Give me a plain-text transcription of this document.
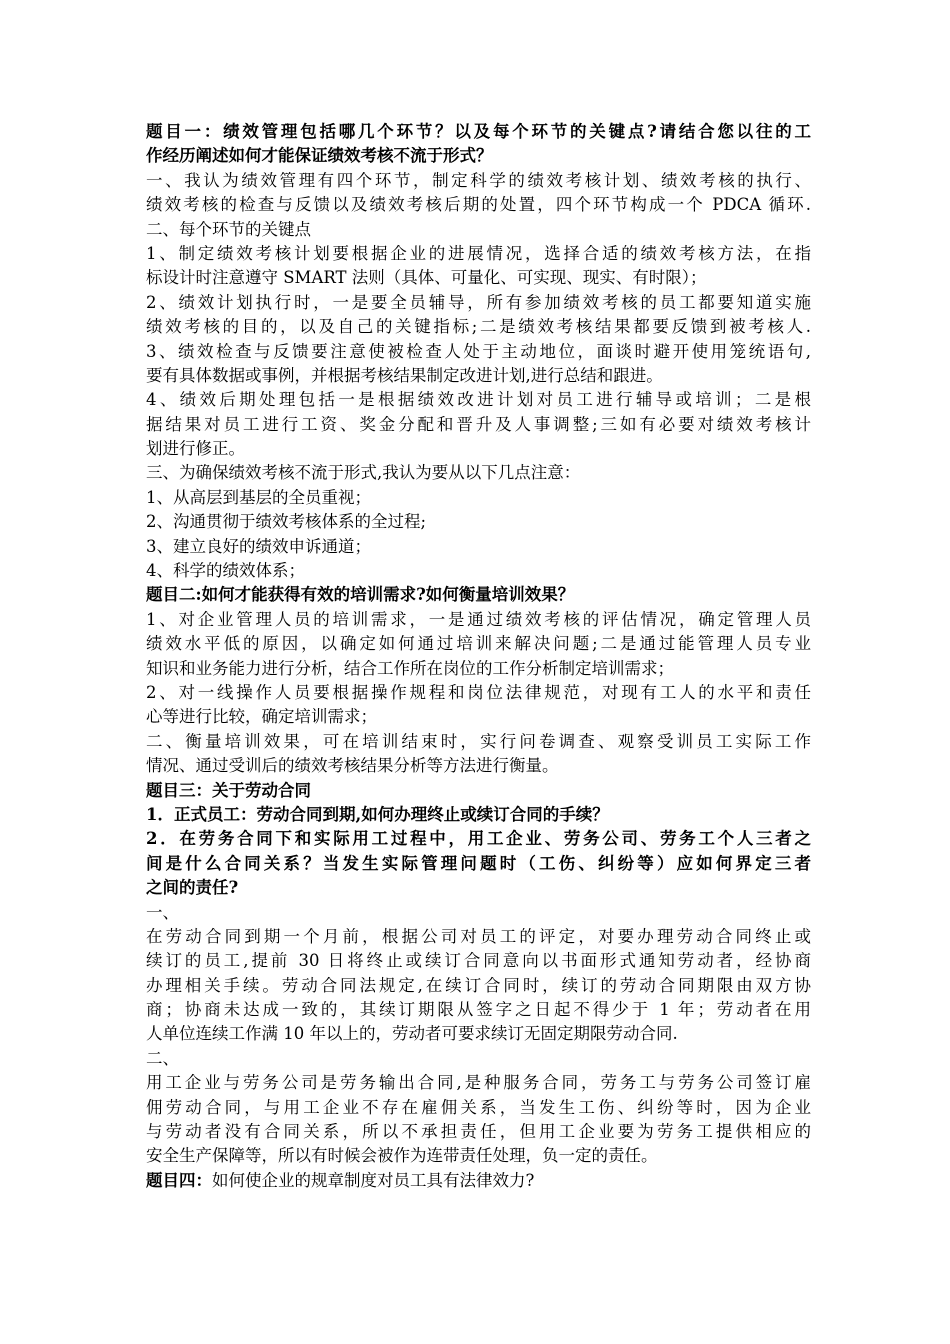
题目一：绩效管理包括哪几个环节？以及每个环节的关键点?请结合您以往的工
作经历阐述如何才能保证绩效考核不流于形式？
一、我认为绩效管理有四个环节，制定科学的绩效考核计划、绩效考核的执行、
绩效考核的检查与反馈以及绩效考核后期的处置，四个环节构成一个 PDCA 循环.
二、每个环节的关键点
1、制定绩效考核计划要根据企业的进展情况，选择合适的绩效考核方法，在指
标设计时注意遵守 SMART 法则（具体、可量化、可实现、现实、有时限）；
2、绩效计划执行时，一是要全员辅导，所有参加绩效考核的员工都要知道实施
绩效考核的目的，以及自己的关键指标;二是绩效考核结果都要反馈到被考核人.
3、绩效检查与反馈要注意使被检查人处于主动地位，面谈时避开使用笼统语句,
要有具体数据或事例，并根据考核结果制定改进计划,进行总结和跟进。
4、绩效后期处理包括一是根据绩效改进计划对员工进行辅导或培训；二是根
据结果对员工进行工资、奖金分配和晋升及人事调整;三如有必要对绩效考核计
划进行修正。
三、为确保绩效考核不流于形式,我认为要从以下几点注意：
1、从高层到基层的全员重视；
2、沟通贯彻于绩效考核体系的全过程;
3、建立良好的绩效申诉通道；
4、科学的绩效体系；
题目二:如何才能获得有效的培训需求?如何衡量培训效果？
1、对企业管理人员的培训需求，一是通过绩效考核的评估情况，确定管理人员
绩效水平低的原因，以确定如何通过培训来解决问题;二是通过能管理人员专业
知识和业务能力进行分析，结合工作所在岗位的工作分析制定培训需求；
2、对一线操作人员要根据操作规程和岗位法律规范，对现有工人的水平和责任
心等进行比较，确定培训需求；
二、衡量培训效果，可在培训结束时，实行问卷调查、观察受训员工实际工作
情况、通过受训后的绩效考核结果分析等方法进行衡量。
题目三：关于劳动合同
1．正式员工：劳动合同到期,如何办理终止或续订合同的手续？
2．在劳务合同下和实际用工过程中，用工企业、劳务公司、劳务工个人三者之
间是什么合同关系？当发生实际管理问题时（工伤、纠纷等）应如何界定三者
之间的责任?
一、
在劳动合同到期一个月前，根据公司对员工的评定，对要办理劳动合同终止或
续订的员工,提前 30 日将终止或续订合同意向以书面形式通知劳动者，经协商
办理相关手续。劳动合同法规定,在续订合同时，续订的劳动合同期限由双方协
商；协商未达成一致的，其续订期限从签字之日起不得少于 1 年；劳动者在用
人单位连续工作满 10 年以上的，劳动者可要求续订无固定期限劳动合同.
二、
用工企业与劳务公司是劳务输出合同,是种服务合同，劳务工与劳务公司签订雇
佣劳动合同，与用工企业不存在雇佣关系，当发生工伤、纠纷等时，因为企业
与劳动者没有合同关系，所以不承担责任，但用工企业要为劳务工提供相应的
安全生产保障等，所以有时候会被作为连带责任处理，负一定的责任。
题目四：如何使企业的规章制度对员工具有法律效力?
